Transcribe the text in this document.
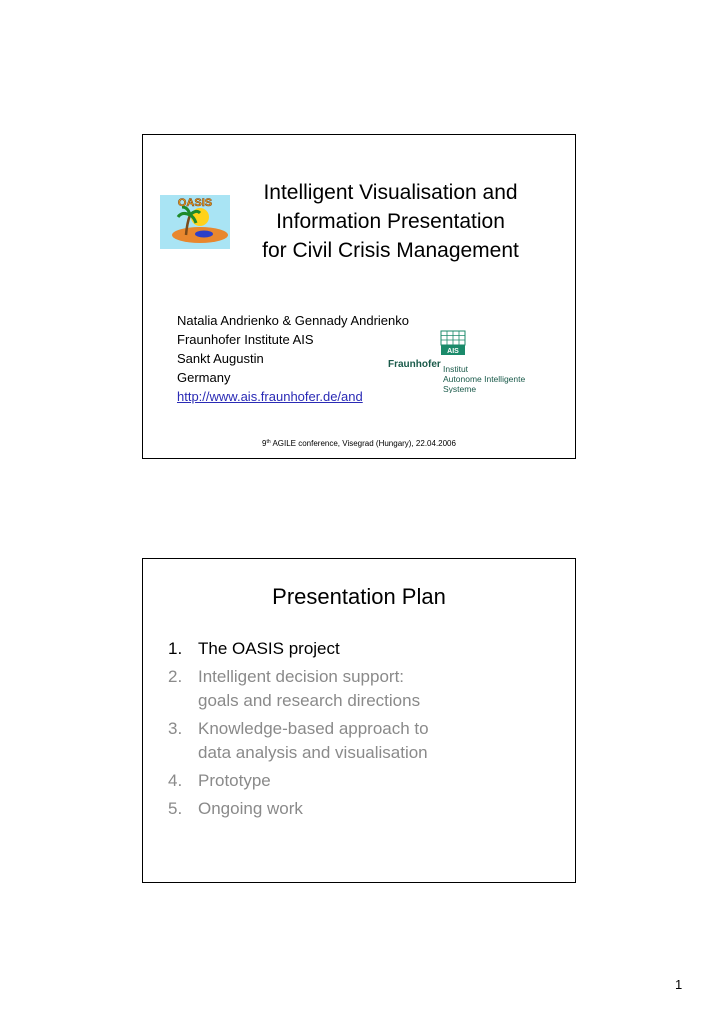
OASIS	Intelligent Visualisation and
Information Presentation
for Civil Crisis Management
Natalia Andrienko & Gennady Andrienko
Fraunhofer Institute AIS
Sankt Augustin
Germany
http://www.ais.fraunhofer.de/and
AIS
Fraunhofer Institut
Autonome Intelligente
Systeme
9th AGILE conference, Visegrad (Hungary), 22.04.2006
Presentation Plan
1. The OASIS project
2. Intelligent decision support:
goals and research directions
3. Knowledge-based approach to
data analysis and visualisation
4. Prototype
5. Ongoing work
1
